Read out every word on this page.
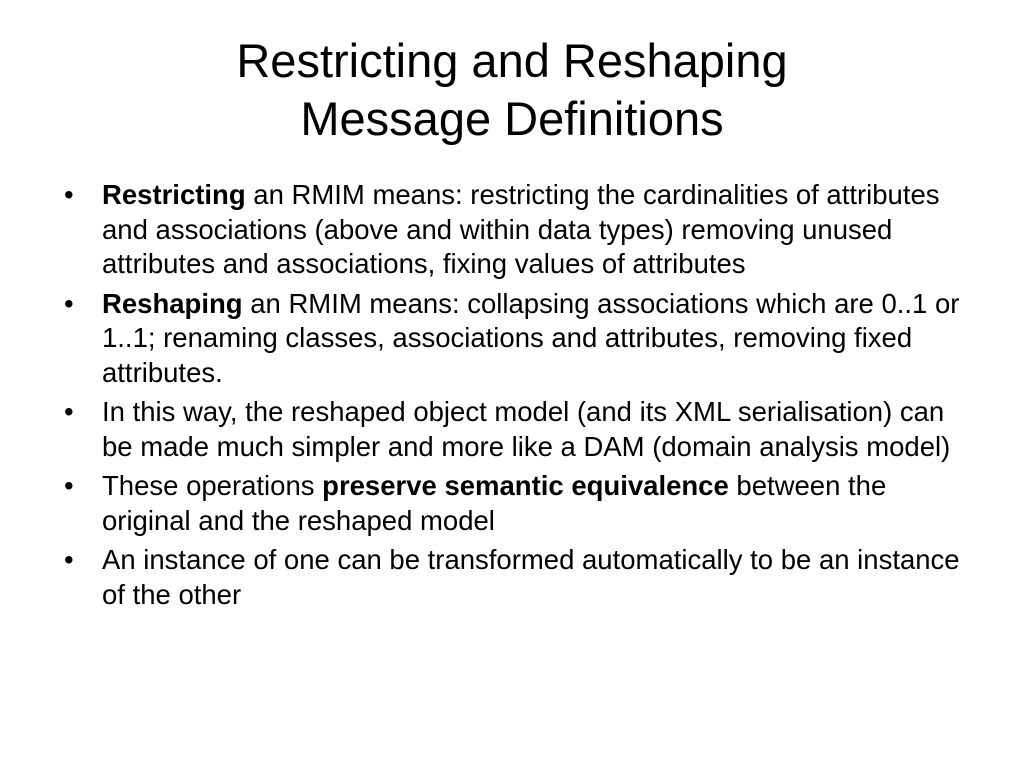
Restricting and Reshaping
Message Definitions
• Restricting an RMIM means: restricting the cardinalities of attributes and associations (above and within data types) removing unused attributes and associations, fixing values of attributes
• Reshaping an RMIM means: collapsing associations which are 0..1 or 1..1; renaming classes, associations and attributes, removing fixed attributes.
• In this way, the reshaped object model (and its XML serialisation) can be made much simpler and more like a DAM (domain analysis model)
• These operations preserve semantic equivalence between the original and the reshaped model
• An instance of one can be transformed automatically to be an instance of the other
